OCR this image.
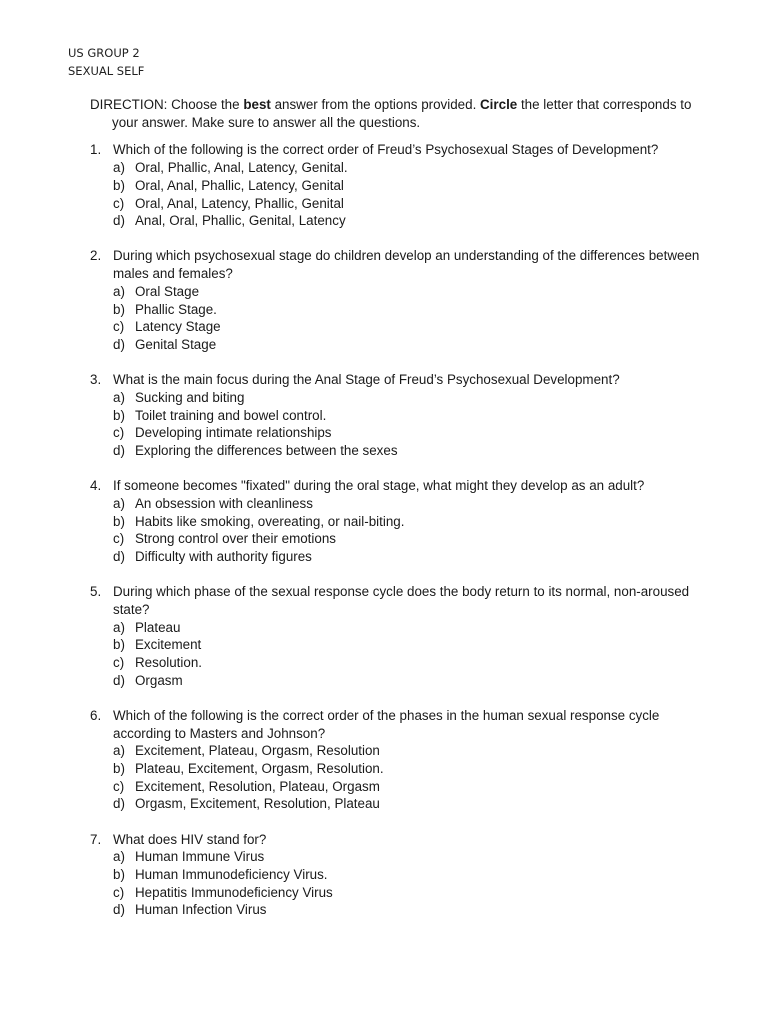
US GROUP 2
SEXUAL SELF

DIRECTION: Choose the best answer from the options provided. Circle the letter that corresponds to your answer. Make sure to answer all the questions.

1. Which of the following is the correct order of Freud’s Psychosexual Stages of Development?
a) Oral, Phallic, Anal, Latency, Genital.
b) Oral, Anal, Phallic, Latency, Genital
c) Oral, Anal, Latency, Phallic, Genital
d) Anal, Oral, Phallic, Genital, Latency
2. During which psychosexual stage do children develop an understanding of the differences between males and females?
a) Oral Stage
b) Phallic Stage.
c) Latency Stage
d) Genital Stage
3. What is the main focus during the Anal Stage of Freud’s Psychosexual Development?
a) Sucking and biting
b) Toilet training and bowel control.
c) Developing intimate relationships
d) Exploring the differences between the sexes
4. If someone becomes "fixated" during the oral stage, what might they develop as an adult?
a) An obsession with cleanliness
b) Habits like smoking, overeating, or nail-biting.
c) Strong control over their emotions
d) Difficulty with authority figures
5. During which phase of the sexual response cycle does the body return to its normal, non-aroused state?
a) Plateau
b) Excitement
c) Resolution.
d) Orgasm
6. Which of the following is the correct order of the phases in the human sexual response cycle according to Masters and Johnson?
a) Excitement, Plateau, Orgasm, Resolution
b) Plateau, Excitement, Orgasm, Resolution.
c) Excitement, Resolution, Plateau, Orgasm
d) Orgasm, Excitement, Resolution, Plateau
7. What does HIV stand for?
a) Human Immune Virus
b) Human Immunodeficiency Virus.
c) Hepatitis Immunodeficiency Virus
d) Human Infection Virus
